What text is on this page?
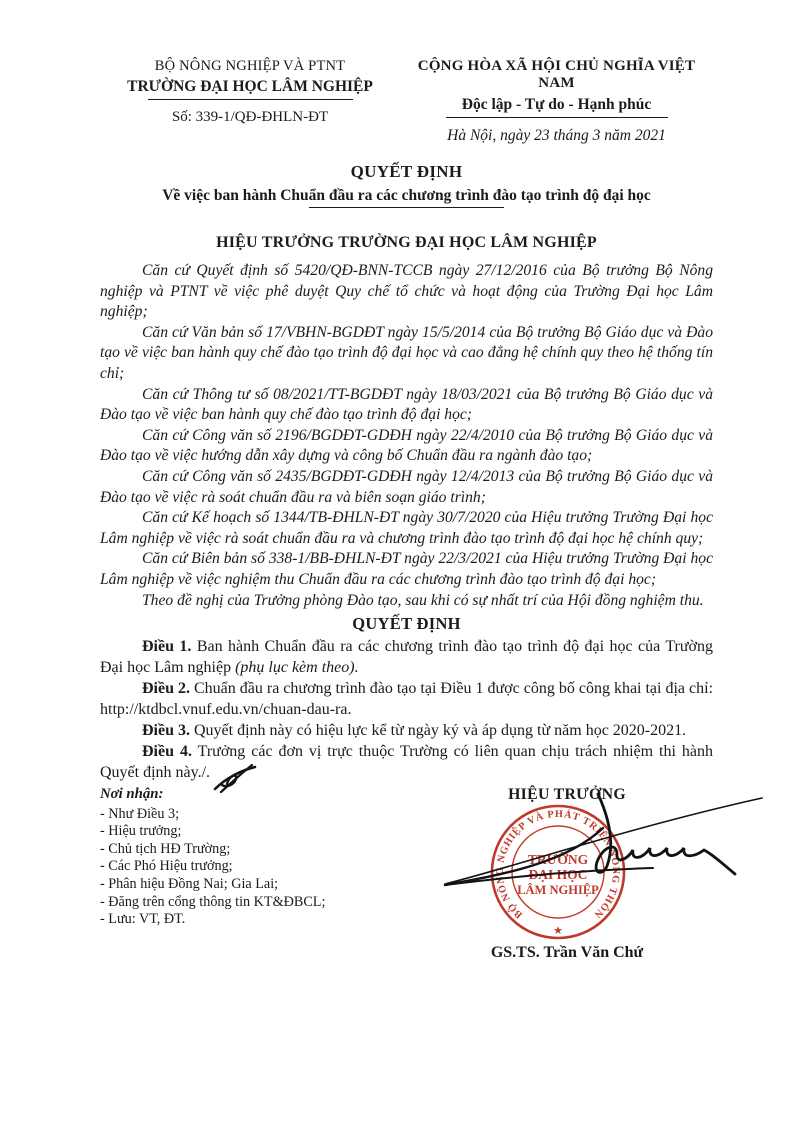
BỘ NÔNG NGHIỆP VÀ PTNT
TRƯỜNG ĐẠI HỌC LÂM NGHIỆP
Số: 339-1/QĐ-ĐHLN-ĐT
CỘNG HÒA XÃ HỘI CHỦ NGHĨA VIỆT NAM
Độc lập - Tự do - Hạnh phúc
Hà Nội, ngày 23 tháng 3 năm 2021
QUYẾT ĐỊNH
Về việc ban hành Chuẩn đầu ra các chương trình đào tạo trình độ đại học
HIỆU TRƯỞNG TRƯỜNG ĐẠI HỌC LÂM NGHIỆP

Căn cứ Quyết định số 5420/QĐ-BNN-TCCB ngày 27/12/2016 của Bộ trưởng Bộ Nông nghiệp và PTNT về việc phê duyệt Quy chế tổ chức và hoạt động của Trường Đại học Lâm nghiệp;

Căn cứ Văn bản số 17/VBHN-BGDĐT ngày 15/5/2014 của Bộ trưởng Bộ Giáo dục và Đào tạo về việc ban hành quy chế đào tạo trình độ đại học và cao đẳng hệ chính quy theo hệ thống tín chỉ;

Căn cứ Thông tư số 08/2021/TT-BGDĐT ngày 18/03/2021 của Bộ trưởng Bộ Giáo dục và Đào tạo về việc ban hành quy chế đào tạo trình độ đại học;

Căn cứ Công văn số 2196/BGDĐT-GDĐH ngày 22/4/2010 của Bộ trưởng Bộ Giáo dục và Đào tạo về việc hướng dẫn xây dựng và công bố Chuẩn đầu ra ngành đào tạo;

Căn cứ Công văn số 2435/BGDĐT-GDĐH ngày 12/4/2013 của Bộ trưởng Bộ Giáo dục và Đào tạo về việc rà soát chuẩn đầu ra và biên soạn giáo trình;

Căn cứ Kế hoạch số 1344/TB-ĐHLN-ĐT ngày 30/7/2020 của Hiệu trưởng Trường Đại học Lâm nghiệp về việc rà soát chuẩn đầu ra và chương trình đào tạo trình độ đại học hệ chính quy;

Căn cứ Biên bản số 338-1/BB-ĐHLN-ĐT ngày 22/3/2021 của Hiệu trưởng Trường Đại học Lâm nghiệp về việc nghiệm thu Chuẩn đầu ra các chương trình đào tạo trình độ đại học;

Theo đề nghị của Trưởng phòng Đào tạo, sau khi có sự nhất trí của Hội đồng nghiệm thu.

QUYẾT ĐỊNH

Điều 1. Ban hành Chuẩn đầu ra các chương trình đào tạo trình độ đại học của Trường Đại học Lâm nghiệp (phụ lục kèm theo).

Điều 2. Chuẩn đầu ra chương trình đào tạo tại Điều 1 được công bố công khai tại địa chỉ: http://ktdbcl.vnuf.edu.vn/chuan-dau-ra.

Điều 3. Quyết định này có hiệu lực kể từ ngày ký và áp dụng từ năm học 2020-2021.

Điều 4. Trưởng các đơn vị trực thuộc Trường có liên quan chịu trách nhiệm thi hành Quyết định này./.

Nơi nhận:
- Như Điều 3;
- Hiệu trưởng;
- Chủ tịch HĐ Trường;
- Các Phó Hiệu trưởng;
- Phân hiệu Đồng Nai; Gia Lai;
- Đăng trên cổng thông tin KT&ĐBCL;
- Lưu: VT, ĐT.
HIỆU TRƯỞNG
BỘ NÔNG NGHIỆP VÀ PHÁT TRIỂN NÔNG THÔN
★
TRƯỜNG
ĐẠI HỌC
LÂM NGHIỆP
GS.TS. Trần Văn Chứ
